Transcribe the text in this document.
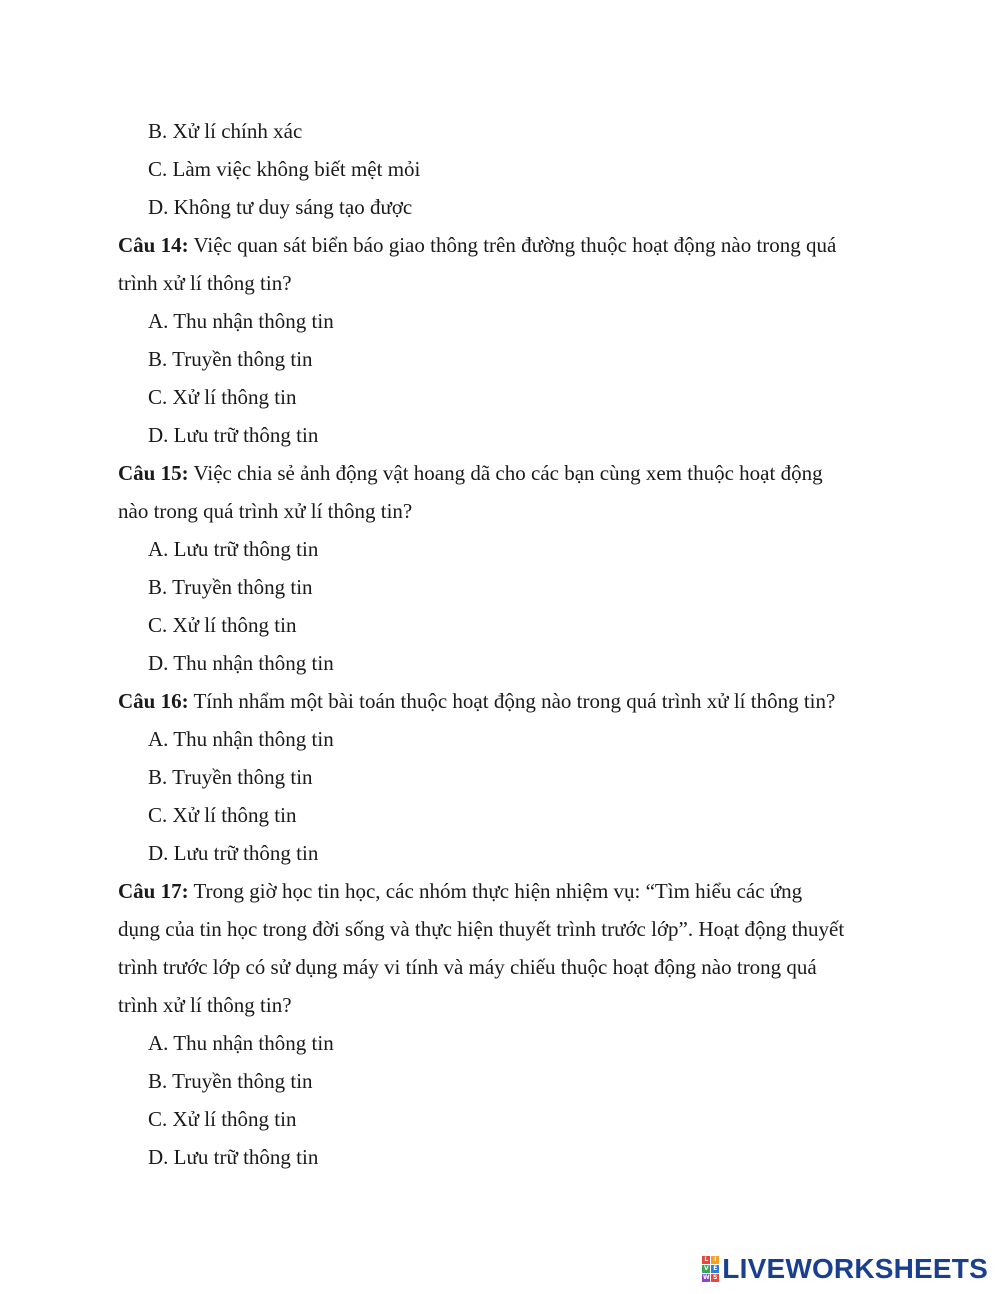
B. Xử lí chính xác
C. Làm việc không biết mệt mỏi
D. Không tư duy sáng tạo được
Câu 14: Việc quan sát biển báo giao thông trên đường thuộc hoạt động nào trong quá
trình xử lí thông tin?
A. Thu nhận thông tin
B. Truyền thông tin
C. Xử lí thông tin
D. Lưu trữ thông tin
Câu 15: Việc chia sẻ ảnh động vật hoang dã cho các bạn cùng xem thuộc hoạt động
nào trong quá trình xử lí thông tin?
A. Lưu trữ thông tin
B. Truyền thông tin
C. Xử lí thông tin
D. Thu nhận thông tin
Câu 16: Tính nhẩm một bài toán thuộc hoạt động nào trong quá trình xử lí thông tin?
A. Thu nhận thông tin
B. Truyền thông tin
C. Xử lí thông tin
D. Lưu trữ thông tin
Câu 17: Trong giờ học tin học, các nhóm thực hiện nhiệm vụ: “Tìm hiểu các ứng
dụng của tin học trong đời sống và thực hiện thuyết trình trước lớp”. Hoạt động thuyết
trình trước lớp có sử dụng máy vi tính và máy chiếu thuộc hoạt động nào trong quá
trình xử lí thông tin?
A. Thu nhận thông tin
B. Truyền thông tin
C. Xử lí thông tin
D. Lưu trữ thông tin
L I
V E
W S LIVEWORKSHEETS
